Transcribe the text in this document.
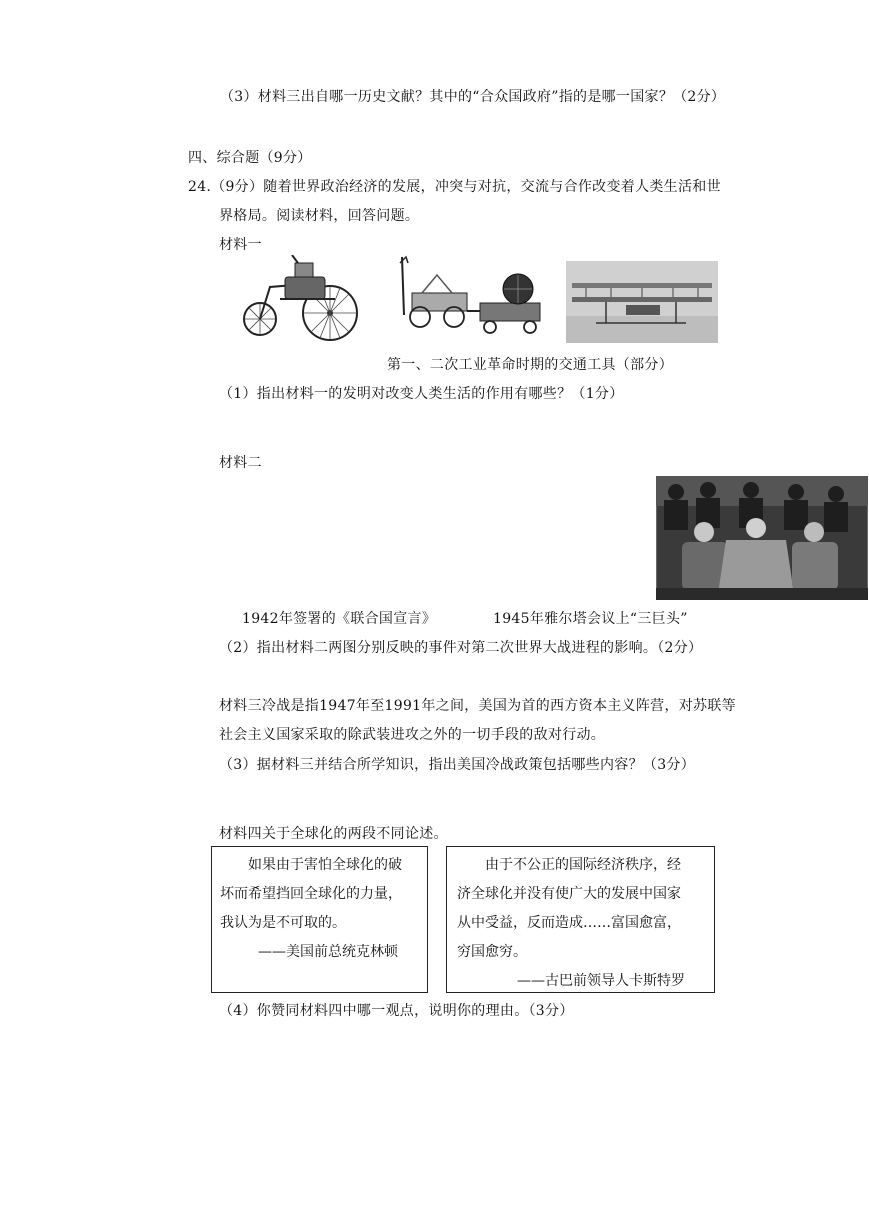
（3）材料三出自哪一历史文献？其中的“合众国政府”指的是哪一国家？（2分）
四、综合题（9分）
24.（9分）随着世界政治经济的发展，冲突与对抗，交流与合作改变着人类生活和世
界格局。阅读材料，回答问题。
材料一
第一、二次工业革命时期的交通工具（部分）
（1）指出材料一的发明对改变人类生活的作用有哪些？（1分）
材料二
1942年签署的《联合国宣言》	1945年雅尔塔会议上“三巨头”
（2）指出材料二两图分别反映的事件对第二次世界大战进程的影响。（2分）
材料三冷战是指1947年至1991年之间，美国为首的西方资本主义阵营，对苏联等
社会主义国家采取的除武装进攻之外的一切手段的敌对行动。
（3）据材料三并结合所学知识，指出美国冷战政策包括哪些内容？（3分）
材料四关于全球化的两段不同论述。
如果由于害怕全球化的破
坏而希望挡回全球化的力量，
我认为是不可取的。
——美国前总统克林顿
由于不公正的国际经济秩序，经
济全球化并没有使广大的发展中国家
从中受益，反而造成……富国愈富，
穷国愈穷。
——古巴前领导人卡斯特罗
（4）你赞同材料四中哪一观点，说明你的理由。（3分）
